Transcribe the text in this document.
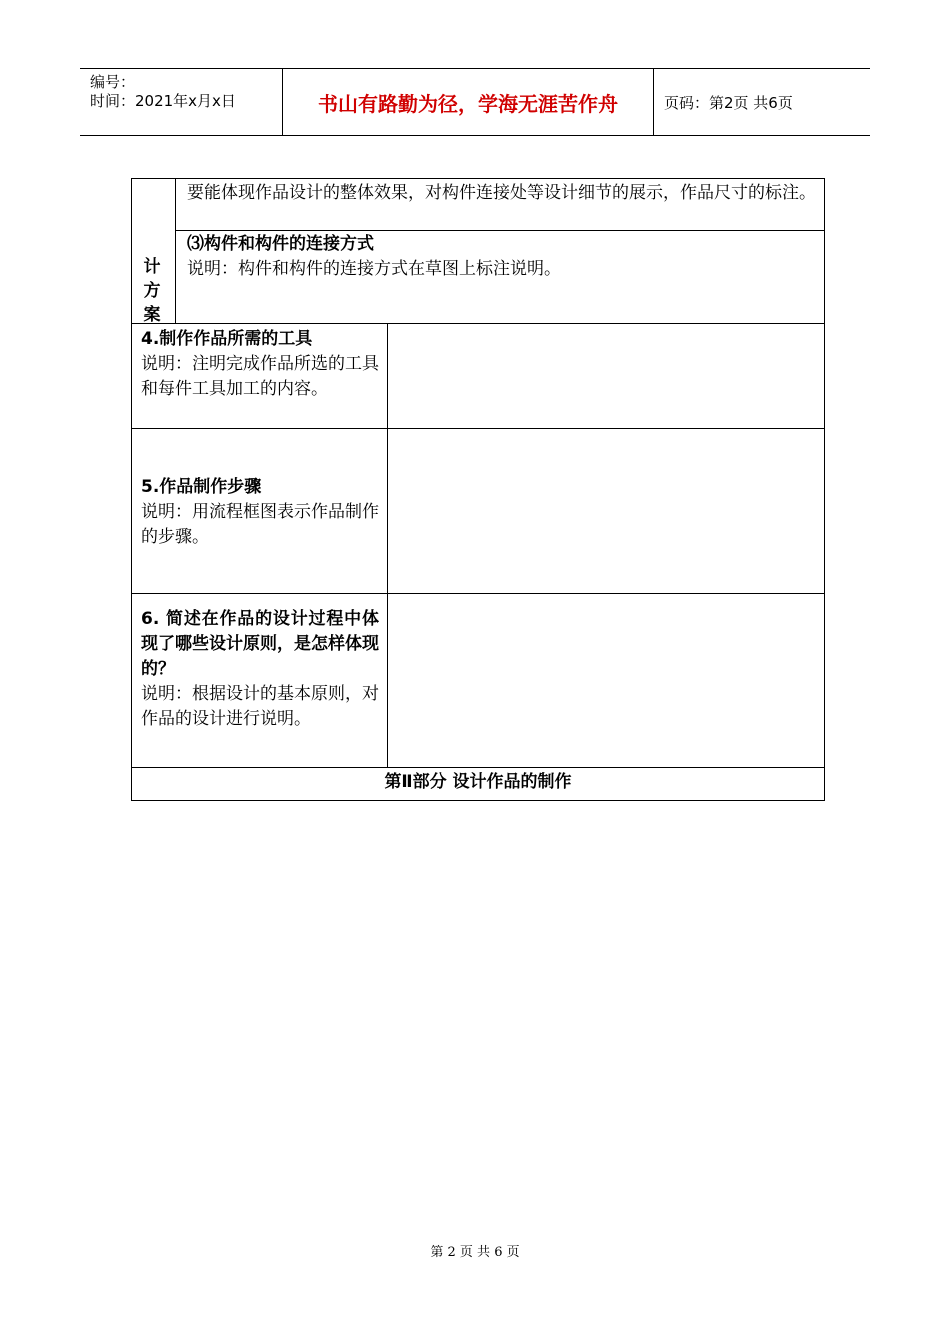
编号：
时间：2021年x月x日	书山有路勤为径，学海无涯苦作舟	页码：第2页 共6页
计
方
案
要能体现作品设计的整体效果，对构件连接处等设计细节的展示，作品尺寸的标注。
⑶构件和构件的连接方式
说明：构件和构件的连接方式在草图上标注说明。
4.制作作品所需的工具
说明：注明完成作品所选的工具和每件工具加工的内容。
5.作品制作步骤
说明：用流程框图表示作品制作的步骤。
6. 简述在作品的设计过程中体现了哪些设计原则，是怎样体现的？
说明：根据设计的基本原则，对作品的设计进行说明。
第Ⅱ部分 设计作品的制作
第 2 页 共 6 页
